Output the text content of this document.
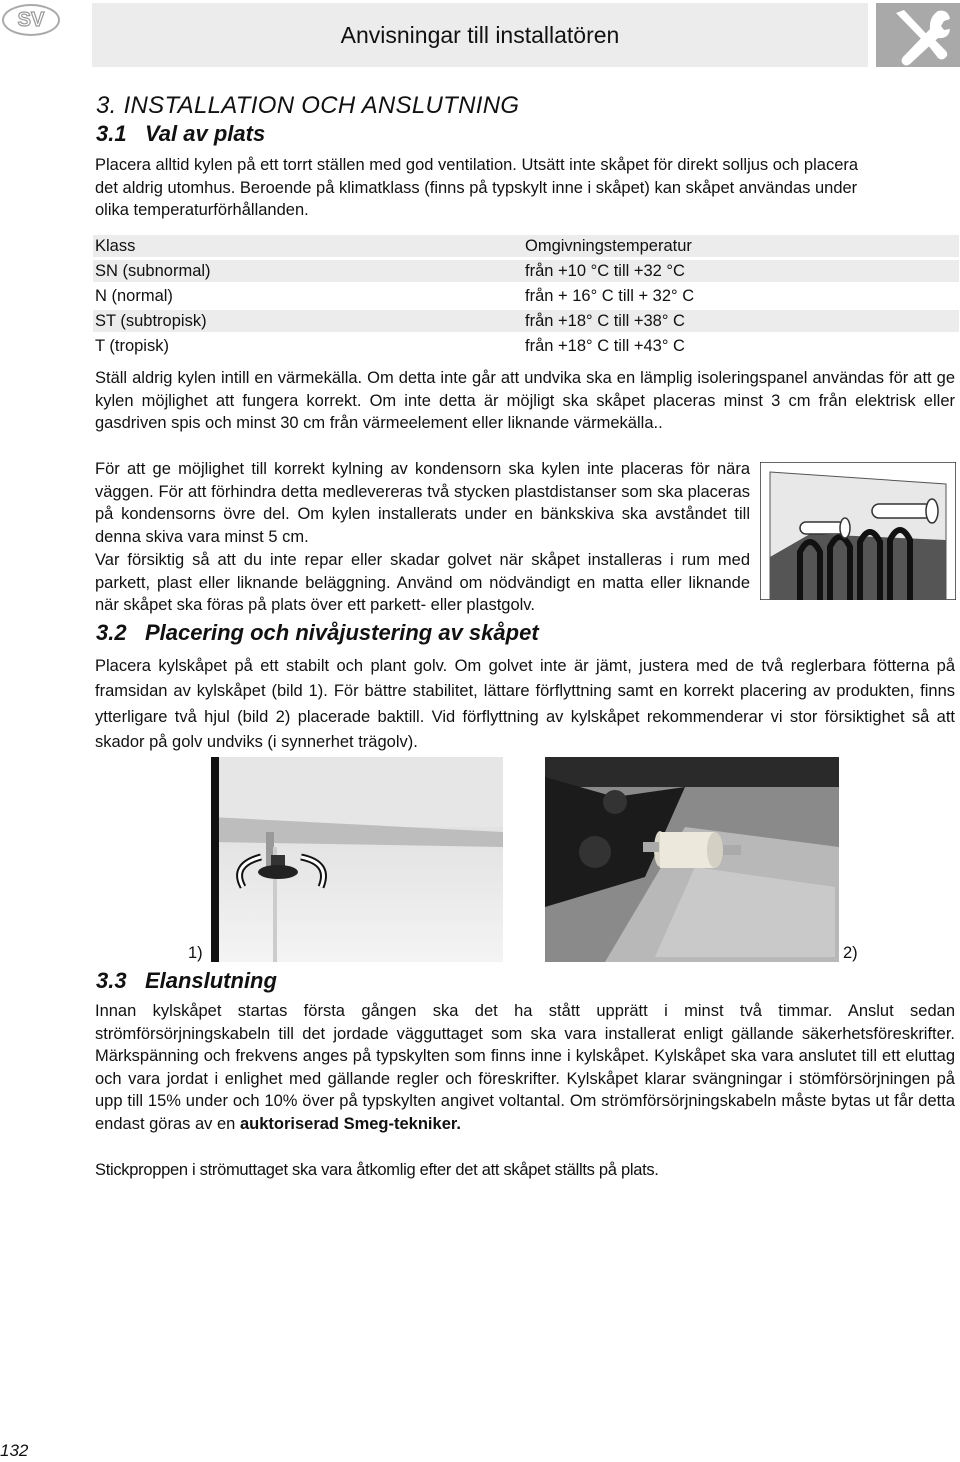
SV
Anvisningar till installatören
3. INSTALLATION OCH ANSLUTNING
3.1 Val av plats

Placera alltid kylen på ett torrt ställen med god ventilation. Utsätt inte skåpet för direkt solljus och placera
det aldrig utomhus. Beroende på klimatklass (finns på typskylt inne i skåpet) kan skåpet användas under
olika temperaturförhållanden.

Klass	Omgivningstemperatur
SN (subnormal)	från +10 °C till +32 °C
N (normal)	från + 16° C till + 32° C
ST (subtropisk)	från +18° C till +38° C
T (tropisk)	från +18° C till +43° C

Ställ aldrig kylen intill en värmekälla. Om detta inte går att undvika ska en lämplig isoleringspanel användas för att ge kylen möjlighet att fungera korrekt. Om inte detta är möjligt ska skåpet placeras minst 3 cm från elektrisk eller gasdriven spis och minst 30 cm från värmeelement eller liknande värmekälla..

För att ge möjlighet till korrekt kylning av kondensorn ska kylen inte placeras för nära väggen. För att förhindra detta medlevereras två stycken plastdistanser som ska placeras på kondensorns övre del. Om kylen installerats under en bänkskiva ska avståndet till denna skiva vara minst 5 cm.

Var försiktig så att du inte repar eller skadar golvet när skåpet installeras i rum med parkett, plast eller liknande beläggning. Använd om nödvändigt en matta eller liknande när skåpet ska föras på plats över ett parkett- eller plastgolv.

3.2 Placering och nivåjustering av skåpet

Placera kylskåpet på ett stabilt och plant golv. Om golvet inte är jämt, justera med de två reglerbara fötterna på framsidan av kylskåpet (bild 1). För bättre stabilitet, lättare förflyttning samt en korrekt placering av produkten, finns ytterligare två hjul (bild 2) placerade baktill. Vid förflyttning av kylskåpet rekommenderar vi stor försiktighet så att skador på golv undviks (i synnerhet trägolv).

1)	2)
3.3 Elanslutning

Innan kylskåpet startas första gången ska det ha stått upprätt i minst två timmar. Anslut sedan strömförsörjningskabeln till det jordade vägguttaget som ska vara installerat enligt gällande säkerhetsföreskrifter. Märkspänning och frekvens anges på typskylten som finns inne i kylskåpet. Kylskåpet ska vara anslutet till ett eluttag och vara jordat i enlighet med gällande regler och föreskrifter. Kylskåpet klarar svängningar i stömförsörjningen på upp till 15% under och 10% över på typskylten angivet voltantal. Om strömförsörjningskabeln måste bytas ut får detta endast göras av en auktoriserad Smeg-tekniker.

Stickproppen i strömuttaget ska vara åtkomlig efter det att skåpet ställts på plats.

132
